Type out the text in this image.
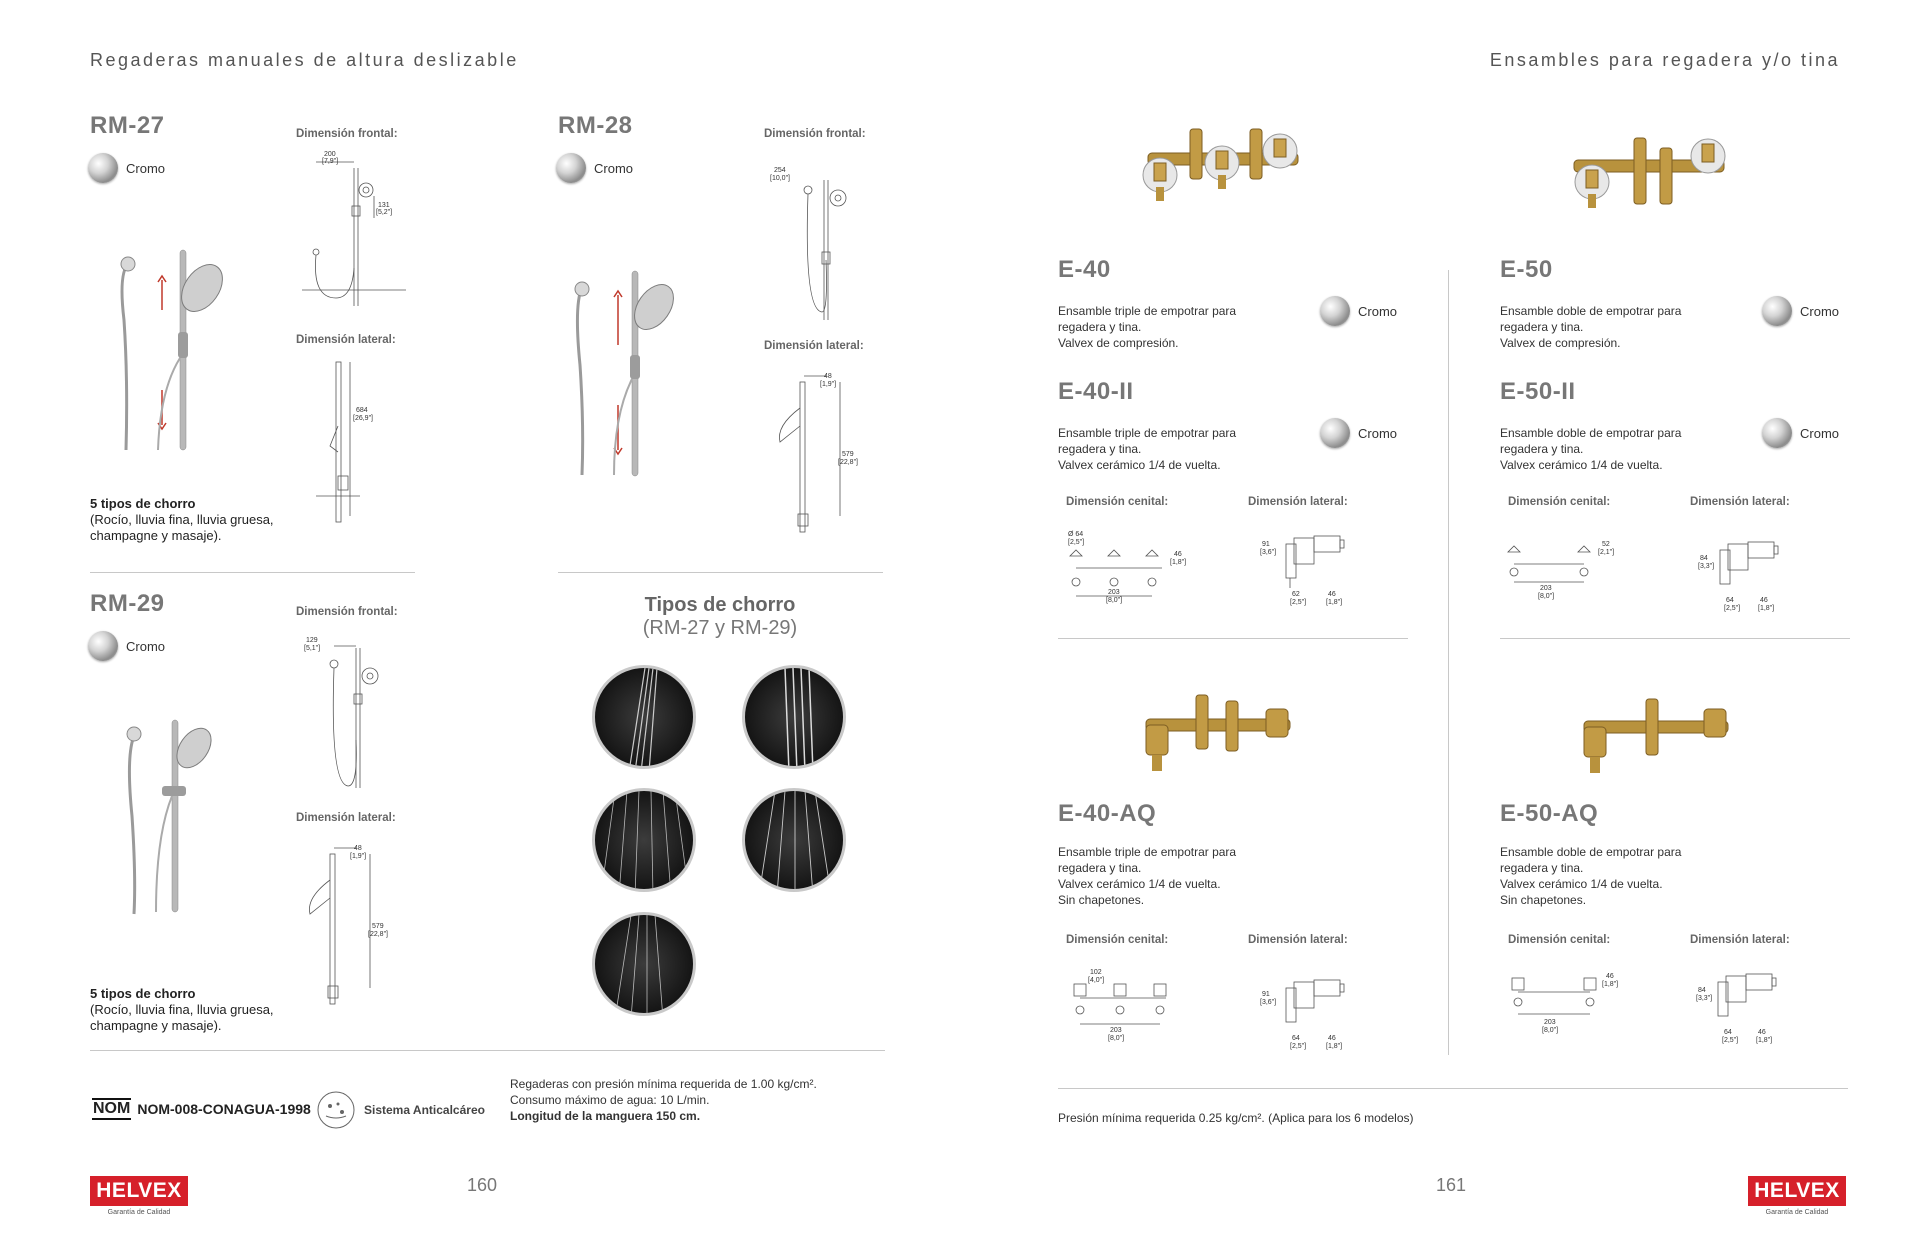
Regaderas manuales de altura deslizable
RM-27
Cromo
Dimensión frontal:
200
[7,9"]
131
[5,2"]
Dimensión lateral:
684
[26,9"]
5 tipos de chorro
(Rocío, lluvia fina, lluvia gruesa,
champagne y masaje).
RM-28
Cromo
Dimensión frontal:
254
[10,0"]
Dimensión lateral:
48
[1,9"]
579
[22,8"]
RM-29
Cromo
Dimensión frontal:
129
[5,1"]
Dimensión lateral:
48
[1,9"]
579
[22,8"]
5 tipos de chorro
(Rocío, lluvia fina, lluvia gruesa,
champagne y masaje).
Tipos de chorro
(RM-27 y RM-29)
NOM NOM-008-CONAGUA-1998	Sistema Anticalcáreo
Regaderas con presión mínima requerida de 1.00 kg/cm².
Consumo máximo de agua: 10 L/min.
Longitud de la manguera 150 cm.
HELVEX
Garantía de Calidad
160
Ensambles para regadera y/o tina
E-40
Ensamble triple de empotrar para
regadera y tina.
Valvex de compresión.
Cromo
E-40-II
Ensamble triple de empotrar para
regadera y tina.
Valvex cerámico 1/4 de vuelta.
Cromo
E-50
Ensamble doble de empotrar para
regadera y tina.
Valvex de compresión.
Cromo
E-50-II
Ensamble doble de empotrar para
regadera y tina.
Valvex cerámico 1/4 de vuelta.
Cromo
Dimensión cenital:	Dimensión lateral:
Ø 64
[2,5"]
46
[1,8"]
203
[8,0"]
91
[3,6"]
62
[2,5"]
46
[1,8"]
Dimensión cenital:	Dimensión lateral:
52
[2,1"]
203
[8,0"]
84
[3,3"]
64
[2,5"]
46
[1,8"]
E-40-AQ
Ensamble triple de empotrar para
regadera y tina.
Valvex cerámico 1/4 de vuelta.
Sin chapetones.
Dimensión cenital:	Dimensión lateral:
102
[4,0"]
203
[8,0"]
91
[3,6"]
64
[2,5"]
46
[1,8"]
E-50-AQ
Ensamble doble de empotrar para
regadera y tina.
Valvex cerámico 1/4 de vuelta.
Sin chapetones.
Dimensión cenital:	Dimensión lateral:
46
[1,8"]
203
[8,0"]
84
[3,3"]
64
[2,5"]
46
[1,8"]
Presión mínima requerida 0.25 kg/cm². (Aplica para los 6 modelos)
161	HELVEX
Garantía de Calidad
